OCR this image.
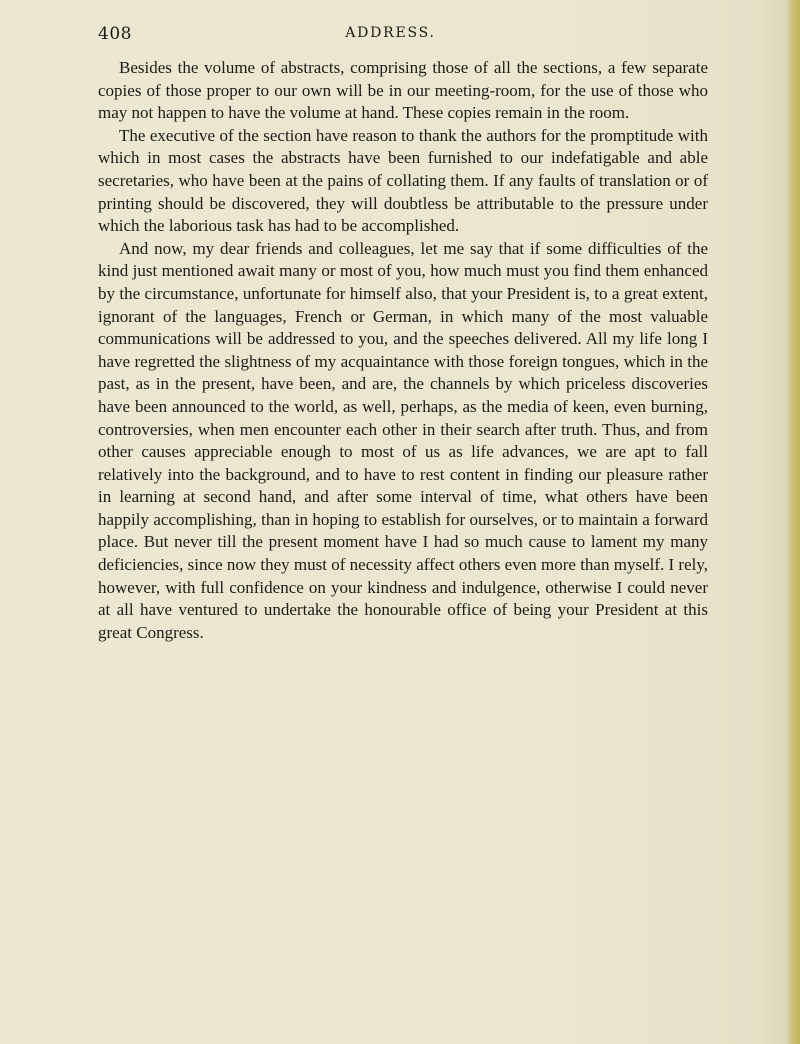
408	ADDRESS.

Besides the volume of abstracts, comprising those of all the sections, a few separate copies of those proper to our own will be in our meeting-room, for the use of those who may not happen to have the volume at hand. These copies remain in the room.

The executive of the section have reason to thank the authors for the promptitude with which in most cases the abstracts have been furnished to our indefatigable and able secretaries, who have been at the pains of collating them. If any faults of translation or of printing should be discovered, they will doubtless be attributable to the pressure under which the laborious task has had to be accomplished.

And now, my dear friends and colleagues, let me say that if some difficulties of the kind just mentioned await many or most of you, how much must you find them enhanced by the circumstance, unfortunate for himself also, that your President is, to a great extent, ignorant of the languages, French or German, in which many of the most valuable communications will be addressed to you, and the speeches delivered. All my life long I have regretted the slightness of my acquaintance with those foreign tongues, which in the past, as in the present, have been, and are, the channels by which priceless discoveries have been announced to the world, as well, perhaps, as the media of keen, even burning, controversies, when men encounter each other in their search after truth. Thus, and from other causes appreciable enough to most of us as life advances, we are apt to fall relatively into the background, and to have to rest content in finding our pleasure rather in learning at second hand, and after some interval of time, what others have been happily accomplishing, than in hoping to establish for ourselves, or to maintain a forward place. But never till the present moment have I had so much cause to lament my many deficiencies, since now they must of necessity affect others even more than myself. I rely, however, with full confidence on your kindness and indulgence, otherwise I could never at all have ventured to undertake the honourable office of being your President at this great Congress.
